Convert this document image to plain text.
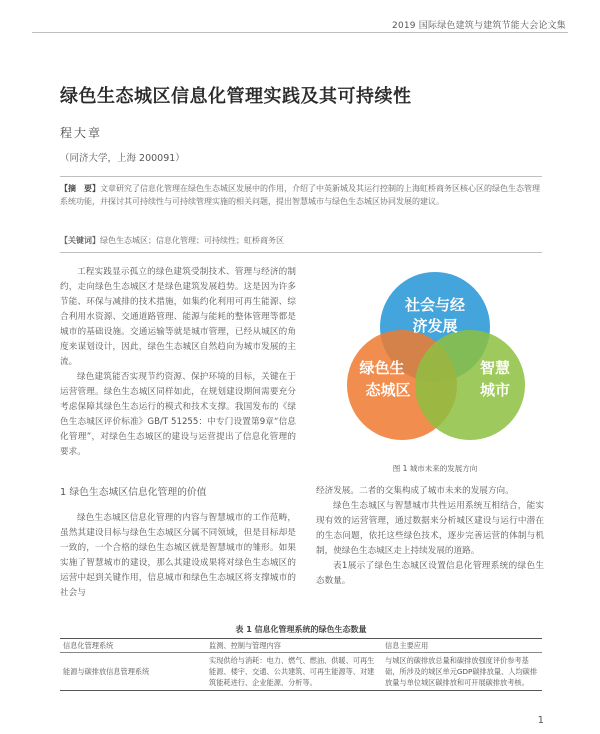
2019 国际绿色建筑与建筑节能大会论文集
绿色生态城区信息化管理实践及其可持续性
程大章
（同济大学，上海 200091）
【摘　要】文章研究了信息化管理在绿色生态城区发展中的作用，介绍了中英新城及其运行控制的上海虹桥商务区核心区的绿色生态管理系统功能，并探讨其可持续性与可持续管理实施的相关问题，提出智慧城市与绿色生态城区协同发展的建议。
【关键词】绿色生态城区；信息化管理；可持续性；虹桥商务区

工程实践显示孤立的绿色建筑受制技术、管理与经济的制约，走向绿色生态城区才是绿色建筑发展趋势。这是因为许多节能、环保与减排的技术措施，如集约化利用可再生能源、综合利用水资源、交通道路管理、能源与能耗的整体管理等都是城市的基础设施。交通运输等就是城市管理，已经从城区的角度来谋划设计，因此，绿色生态城区自然趋向为城市发展的主流。

绿色建筑能否实现节约资源、保护环境的目标，关键在于运营管理。绿色生态城区同样如此，在规划建设期间需要充分考虑保障其绿色生态运行的模式和技术支撑。我国发布的《绿色生态城区评价标准》GB/T 51255：中专门设置第9章“信息化管理”，对绿色生态城区的建设与运营提出了信息化管理的要求。

社会与经
济发展
绿色生
态城区
智慧
城市
图 1 城市未来的发展方向
1 绿色生态城区信息化管理的价值

绿色生态城区信息化管理的内容与智慧城市的工作范畴，虽然其建设目标与绿色生态城区分属不同领域，但是目标却是一致的，一个合格的绿色生态城区就是智慧城市的雏形。如果实施了智慧城市的建设，那么其建设成果将对绿色生态城区的运营中起到关键作用，信息城市和绿色生态城区将支撑城市的社会与

经济发展。二者的交集构成了城市未来的发展方向。

绿色生态城区与智慧城市共性运用系统互相结合，能实现有效的运营管理，通过数据来分析城区建设与运行中潜在的生态问题，依托这些绿色技术，逐步完善运营的体制与机制，使绿色生态城区走上持续发展的道路。

表1展示了绿色生态城区设置信息化管理系统的绿色生态数量。

表 1 信息化管理系统的绿色生态数量
信息化管理系统	监测、控制与管理内容	信息主要应用
能源与碳排放信息管理系统	实现供给与消耗：电力、燃气、燃油、供暖、可再生能源、楼宇、交通、公共建筑、可再生能源等、对建筑能耗进行、企业能源、分析等。	与城区的碳排放总量和碳排放强度评价参考基础，所涉及的城区单元GDP碳排放量、人均碳排放量与单位城区碳排放和可开展碳排放考核。
1
